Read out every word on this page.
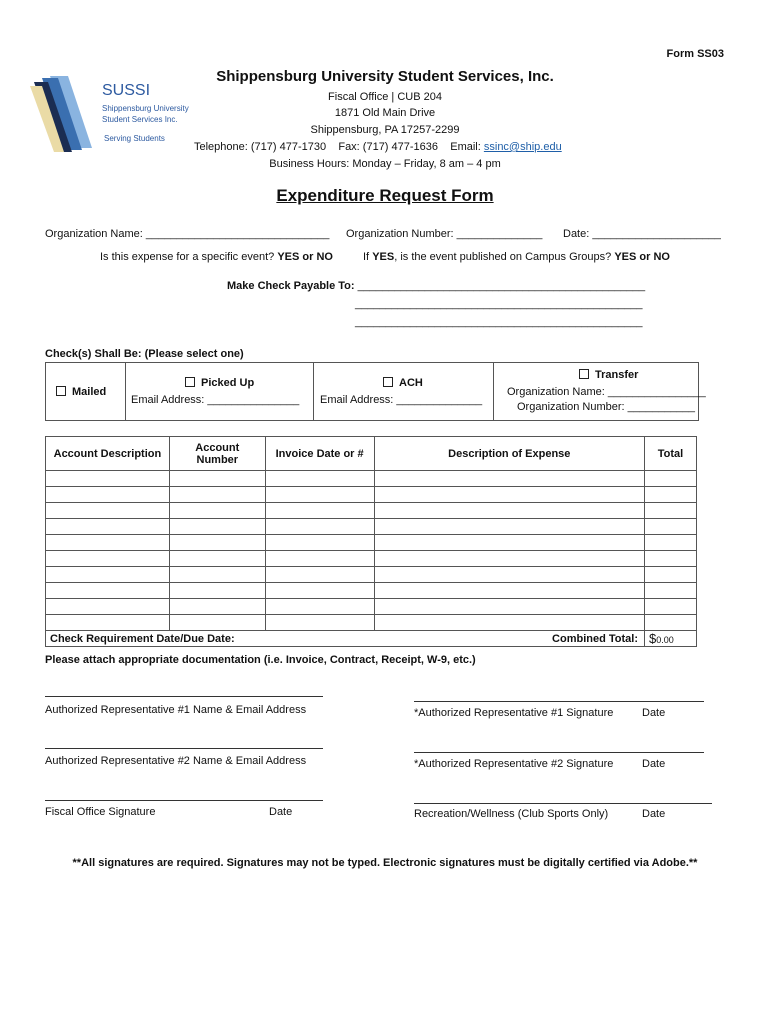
Form SS03
SUSSI
Shippensburg University
Student Services Inc.
Serving Students
Shippensburg University Student Services, Inc.
Fiscal Office | CUB 204
1871 Old Main Drive
Shippensburg, PA 17257-2299
Telephone: (717) 477-1730 Fax: (717) 477-1636 Email: ssinc@ship.edu
Business Hours: Monday – Friday, 8 am – 4 pm
Expenditure Request Form
Organization Name: ______________________________ Organization Number: ______________ Date: _____________________
Is this expense for a specific event? YES or NO	If YES, is the event published on Campus Groups? YES or NO
Make Check Payable To: _______________________________________________
_______________________________________________
_______________________________________________
Check(s) Shall Be: (Please select one)
Mailed
Picked Up
Email Address: _______________
ACH
Email Address: ______________
Transfer
Organization Name: ________________
Organization Number: ___________
Account Description	Account Number	Invoice Date or #	Description of Expense	Total

Check Requirement Date/Due Date: Combined Total:				$0.00
Please attach appropriate documentation (i.e. Invoice, Contract, Receipt, W-9, etc.)
Authorized Representative #1 Name & Email Address	*Authorized Representative #1 Signature	Date
Authorized Representative #2 Name & Email Address	*Authorized Representative #2 Signature	Date
Fiscal Office Signature	Date	Recreation/Wellness (Club Sports Only)	Date
**All signatures are required. Signatures may not be typed. Electronic signatures must be digitally certified via Adobe.**
